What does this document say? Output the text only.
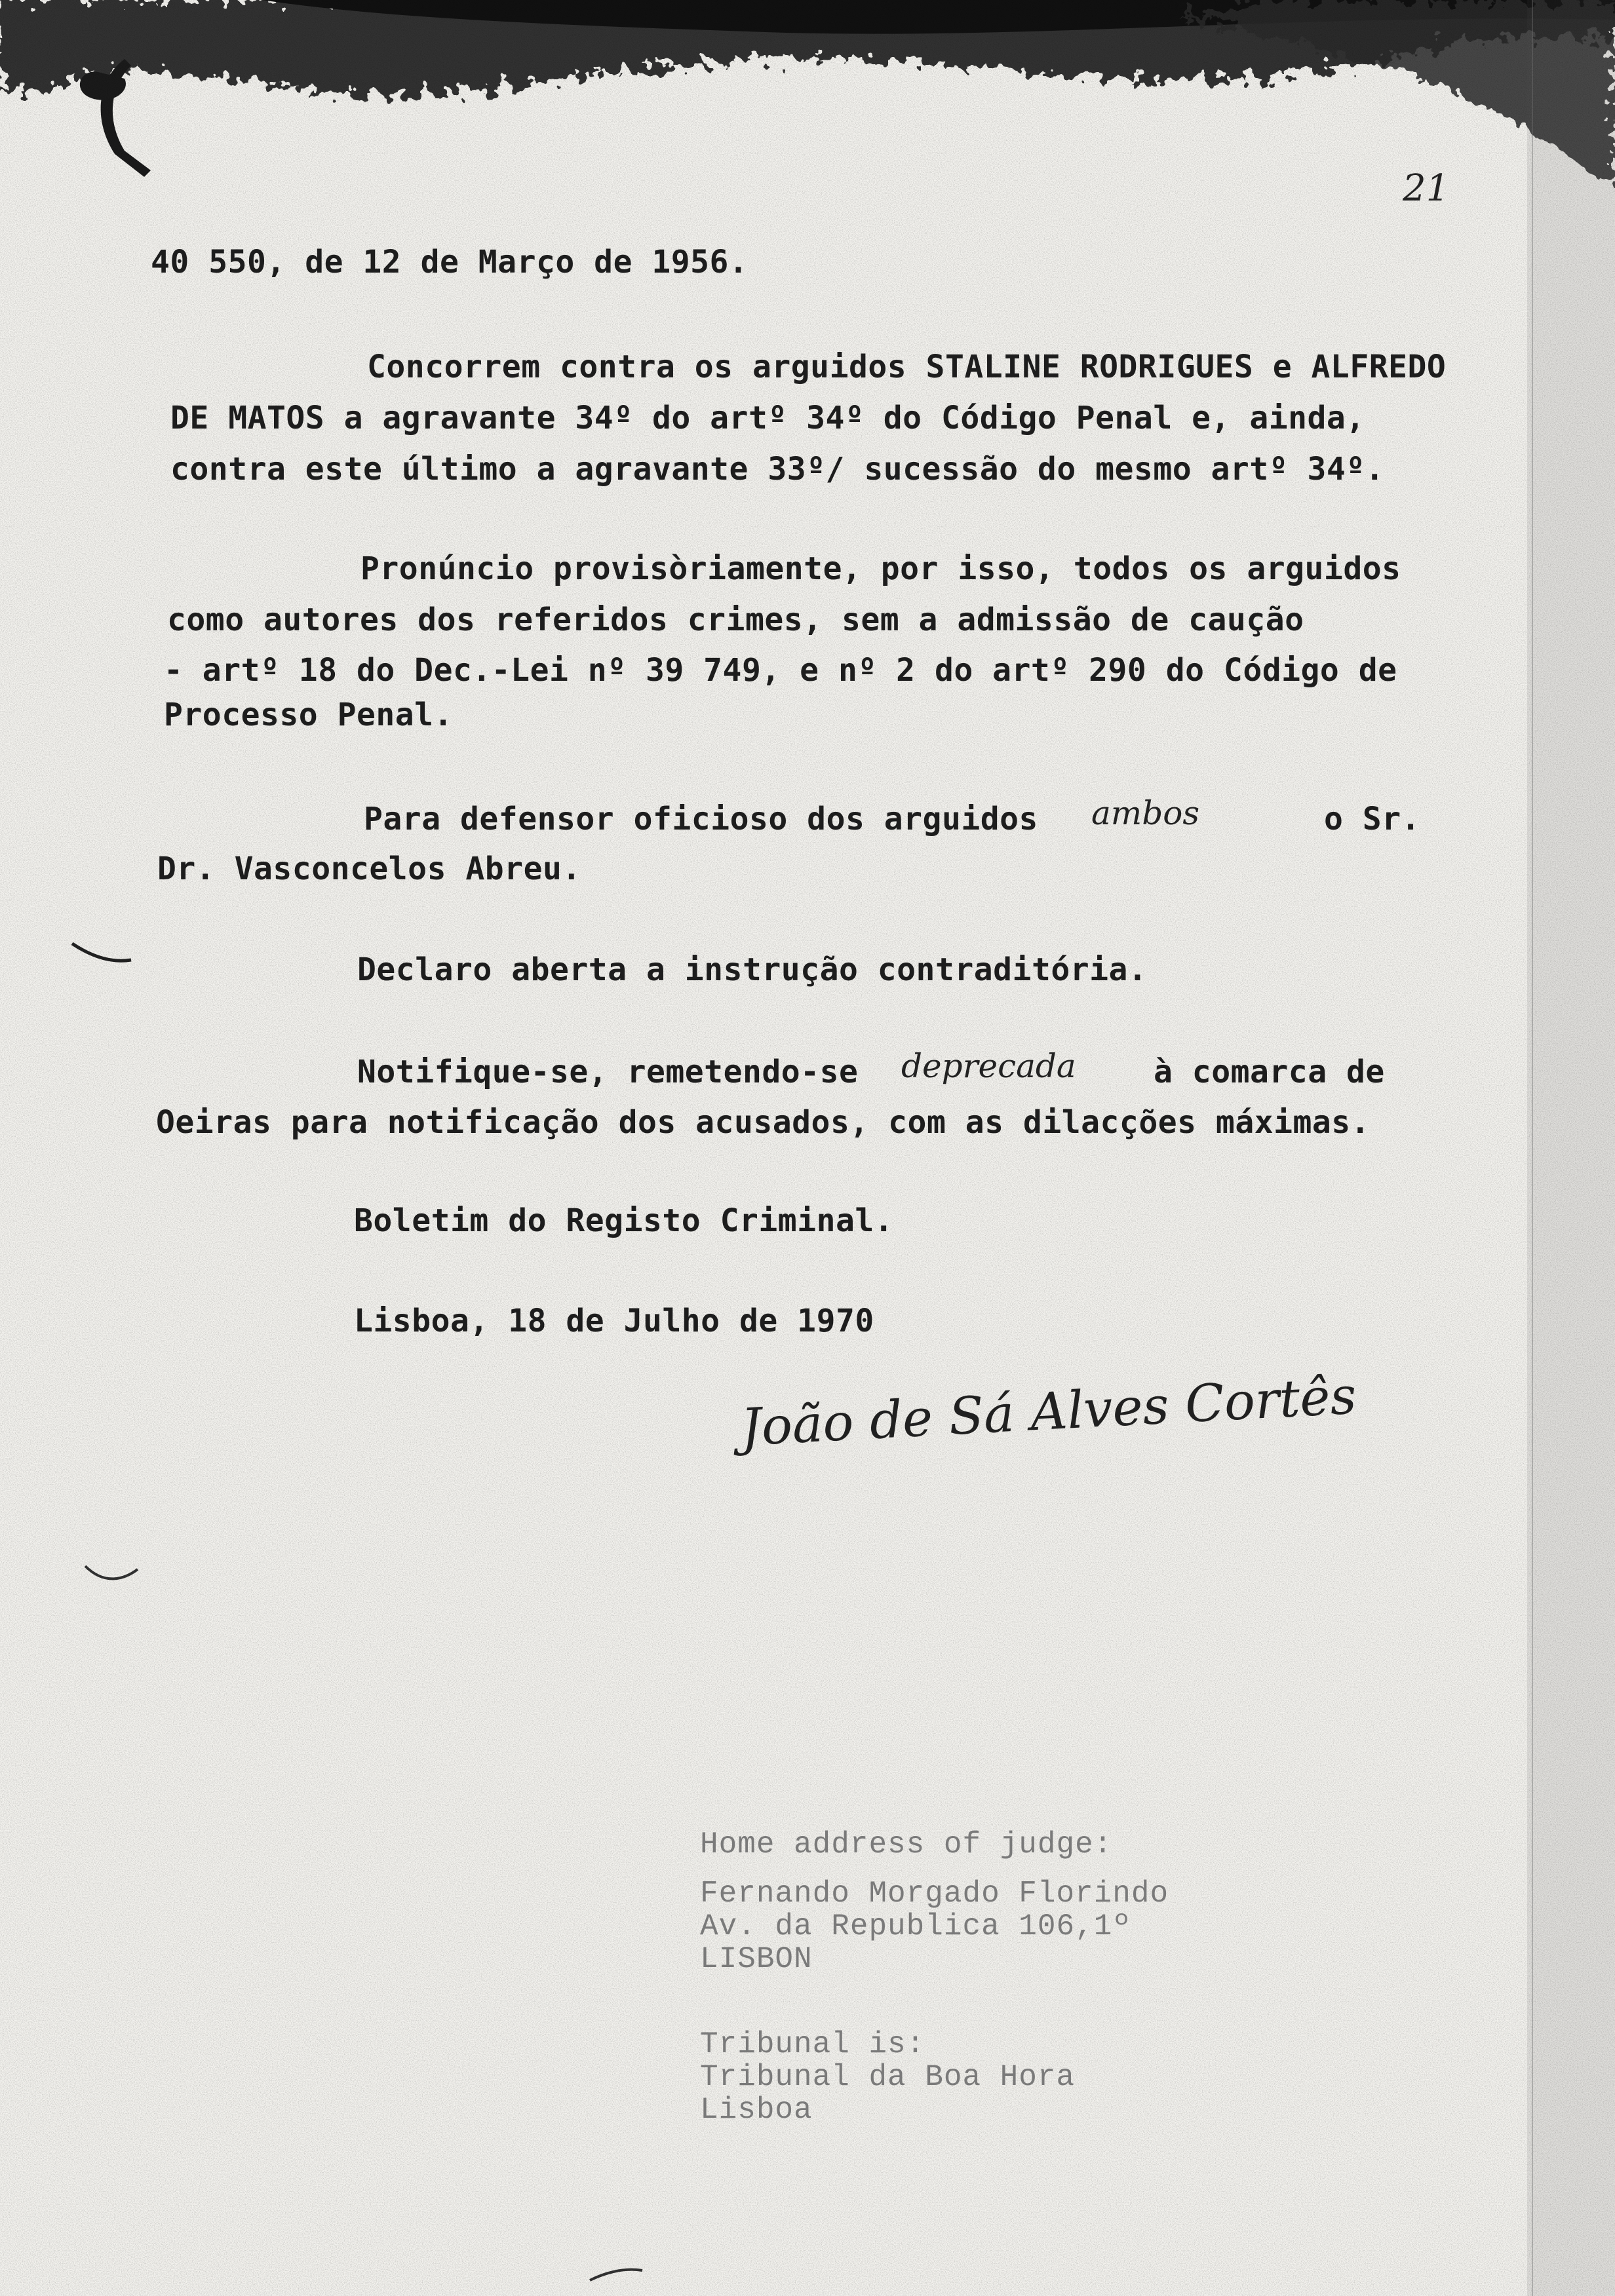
21
40 550, de 12 de Março de 1956.
Concorrem contra os arguidos STALINE RODRIGUES e ALFREDO
DE MATOS a agravante 34º do artº 34º do Código Penal e, ainda,
contra este último a agravante 33º/ sucessão do mesmo artº 34º.
Pronúncio provisòriamente, por isso, todos os arguidos
como autores dos referidos crimes, sem a admissão de caução
- artº 18 do Dec.-Lei nº 39 749, e nº 2 do artº 290 do Código de
Processo Penal.
Para defensor oficioso dos arguidos ambos	o Sr.
Dr. Vasconcelos Abreu.
Declaro aberta a instrução contraditória.
Notifique-se, remetendo-se deprecada à comarca de
Oeiras para notificação dos acusados, com as dilacções máximas.
Boletim do Registo Criminal.
Lisboa, 18 de Julho de 1970
João de Sá Alves Cortês
Home address of judge:
Fernando Morgado Florindo
Av. da Republica 106,1º
LISBON
Tribunal is:
Tribunal da Boa Hora
Lisboa
